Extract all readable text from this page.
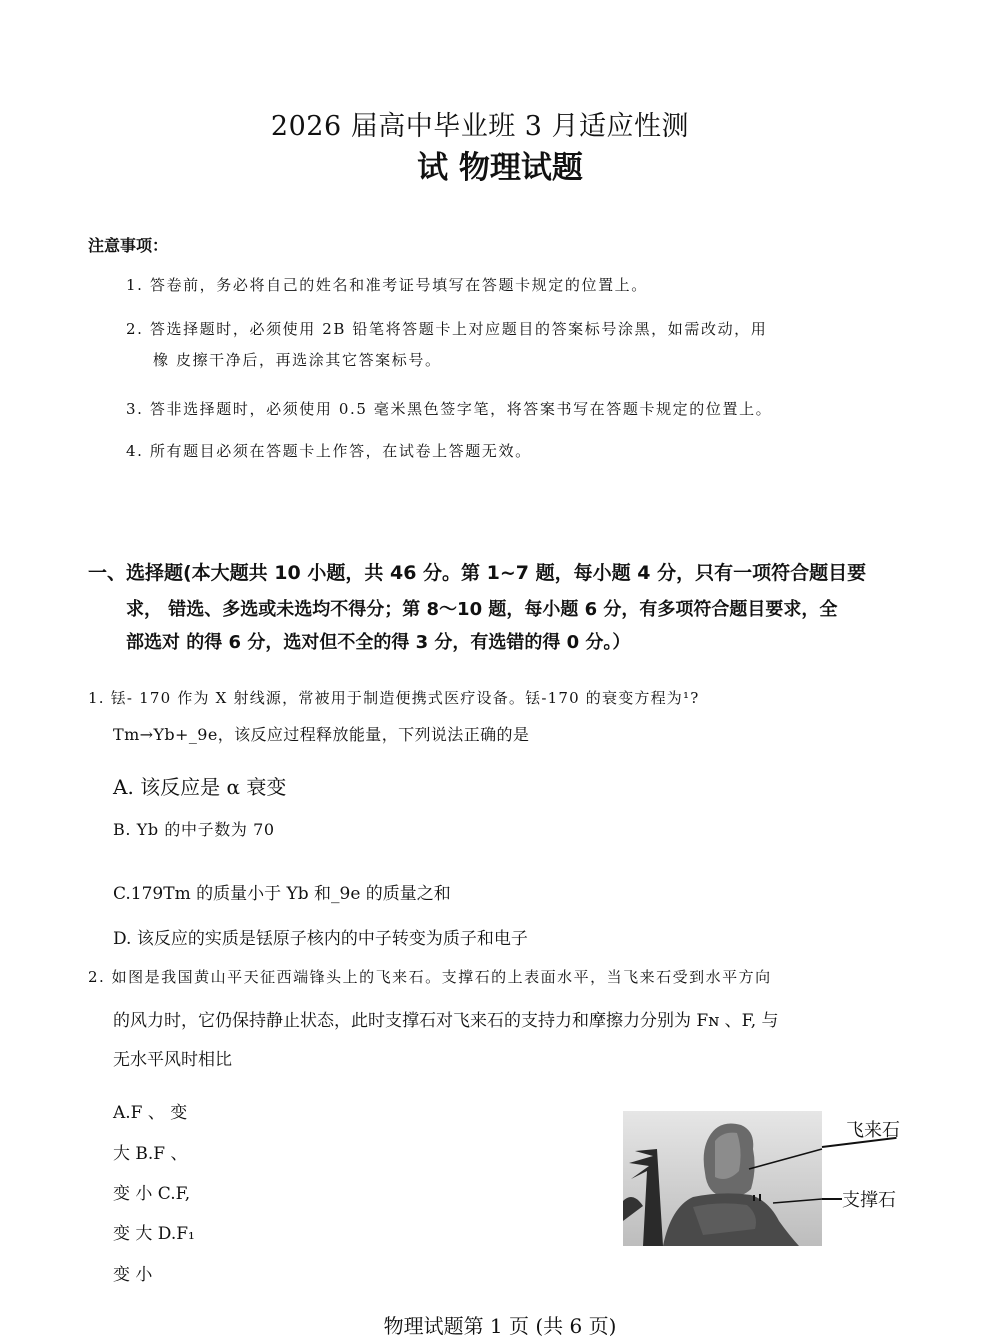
2026 届高中毕业班 3 月适应性测
试 物理试题
注意事项：
1. 答卷前，务必将自己的姓名和准考证号填写在答题卡规定的位置上。
2. 答选择题时，必须使用 2B 铅笔将答题卡上对应题目的答案标号涂黑，如需改动，用
橡 皮擦干净后，再选涂其它答案标号。
3. 答非选择题时，必须使用 0.5 毫米黑色签字笔，将答案书写在答题卡规定的位置上。
4. 所有题目必须在答题卡上作答，在试卷上答题无效。
一、选择题(本大题共 10 小题，共 46 分。第 1~7 题，每小题 4 分，只有一项符合题目要
求， 错选、多选或未选均不得分；第 8～10 题，每小题 6 分，有多项符合题目要求，全
部选对 的得 6 分，选对但不全的得 3 分，有选错的得 0 分。）
1. 铥- 170 作为 X 射线源，常被用于制造便携式医疗设备。铥-170 的衰变方程为¹?
Tm→Yb+_9e，该反应过程释放能量，下列说法正确的是
A. 该反应是 α 衰变
B. Yb 的中子数为 70
C.179Tm 的质量小于 Yb 和_9e 的质量之和
D. 该反应的实质是铥原子核内的中子转变为质子和电子
2. 如图是我国黄山平天征西端锋头上的飞来石。支撑石的上表面水平，当飞来石受到水平方向
的风力时，它仍保持静止状态，此时支撑石对飞来石的支持力和摩擦力分别为 Fɴ 、F, 与
无水平风时相比
A.F 、 变
大 B.F 、
变 小 C.F,
变 大 D.F₁
变 小
飞来石
支撑石
物理试题第 1 页 (共 6 页)
